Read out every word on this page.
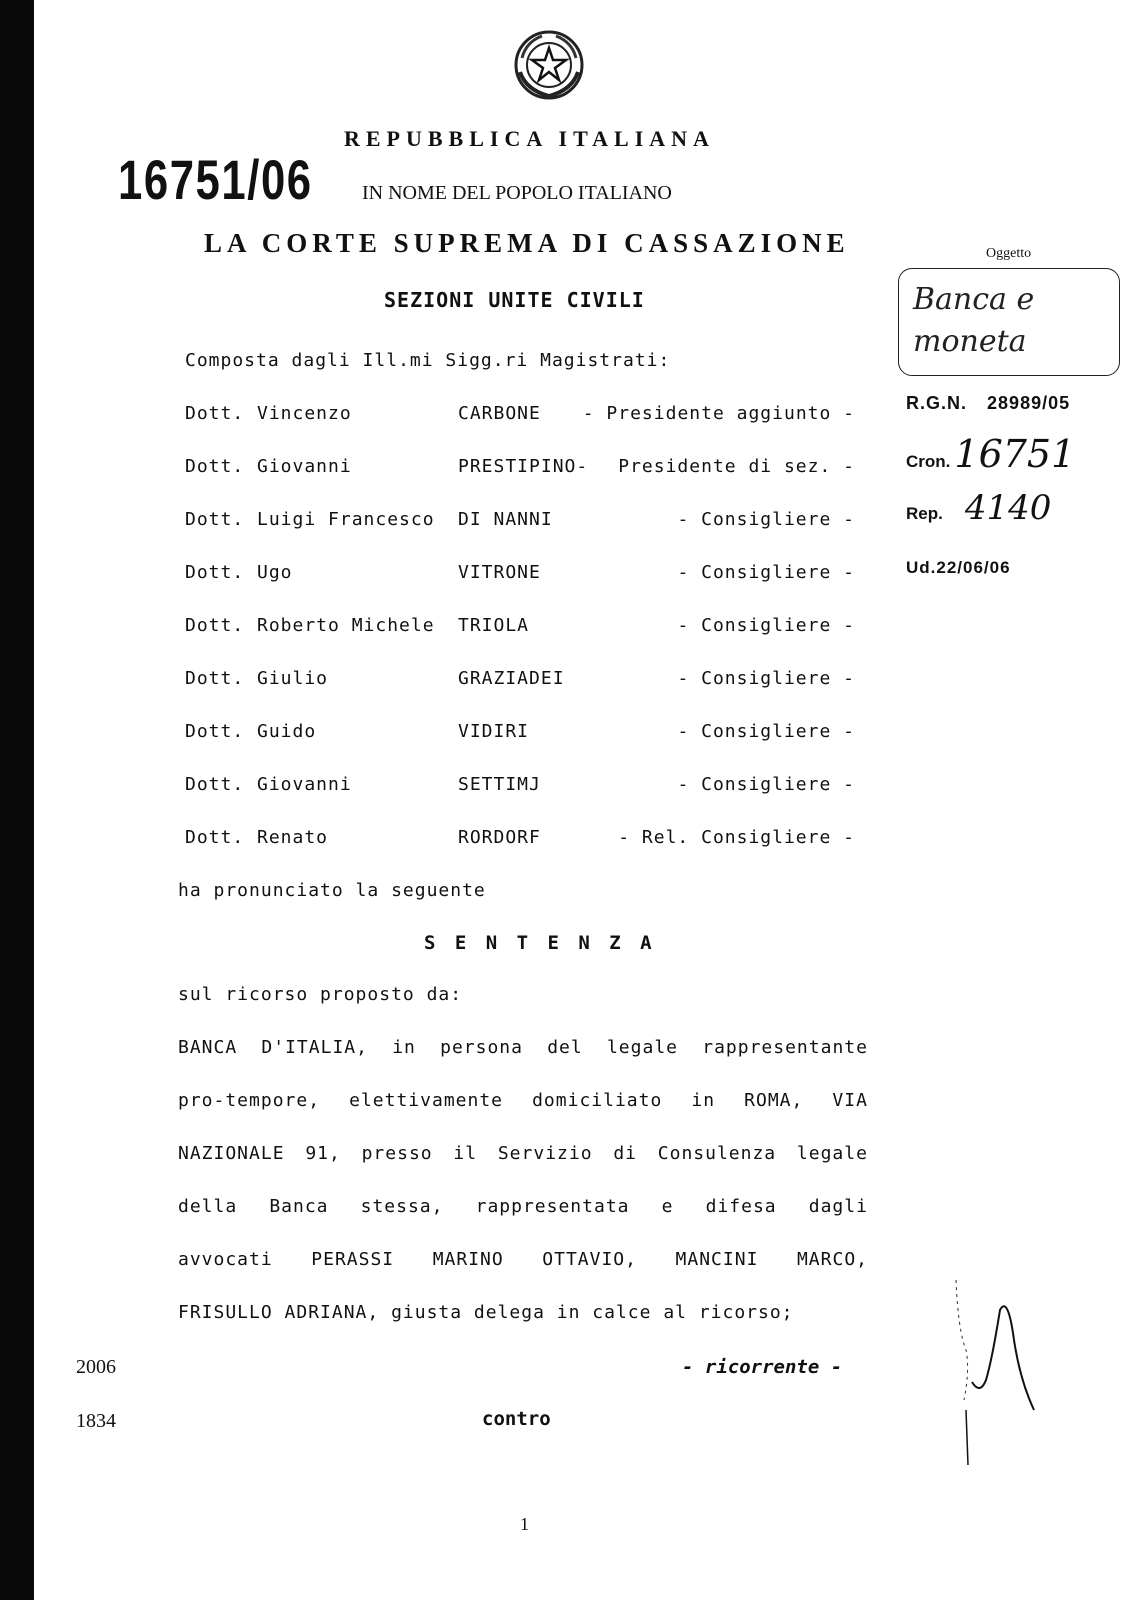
REPUBBLICA ITALIANA
16751/06 IN NOME DEL POPOLO ITALIANO
LA CORTE SUPREMA DI CASSAZIONE
SEZIONI UNITE CIVILI
Oggetto
Banca e moneta
R.G.N. 28989/05
Cron. 16751
Rep. 4140
Ud.22/06/06
Composta dagli Ill.mi Sigg.ri Magistrati:
Dott. Vincenzo	CARBONE - Presidente aggiunto -
Dott. Giovanni	PRESTIPINO- Presidente di sez. -
Dott. Luigi Francesco DI NANNI	- Consigliere -
Dott. Ugo	VITRONE	- Consigliere -
Dott. Roberto Michele TRIOLA	- Consigliere -
Dott. Giulio	GRAZIADEI	- Consigliere -
Dott. Guido	VIDIRI	- Consigliere -
Dott. Giovanni	SETTIMJ	- Consigliere -
Dott. Renato	RORDORF	- Rel. Consigliere -
ha pronunciato la seguente
S E N T E N Z A
sul ricorso proposto da:
BANCA D'ITALIA, in persona del legale rappresentante
pro-tempore, elettivamente domiciliato in ROMA, VIA
NAZIONALE 91, presso il Servizio di Consulenza legale
della Banca stessa, rappresentata e difesa dagli
avvocati PERASSI MARINO OTTAVIO, MANCINI MARCO,
FRISULLO ADRIANA, giusta delega in calce al ricorso;
- ricorrente -
contro
2006
1834
1
